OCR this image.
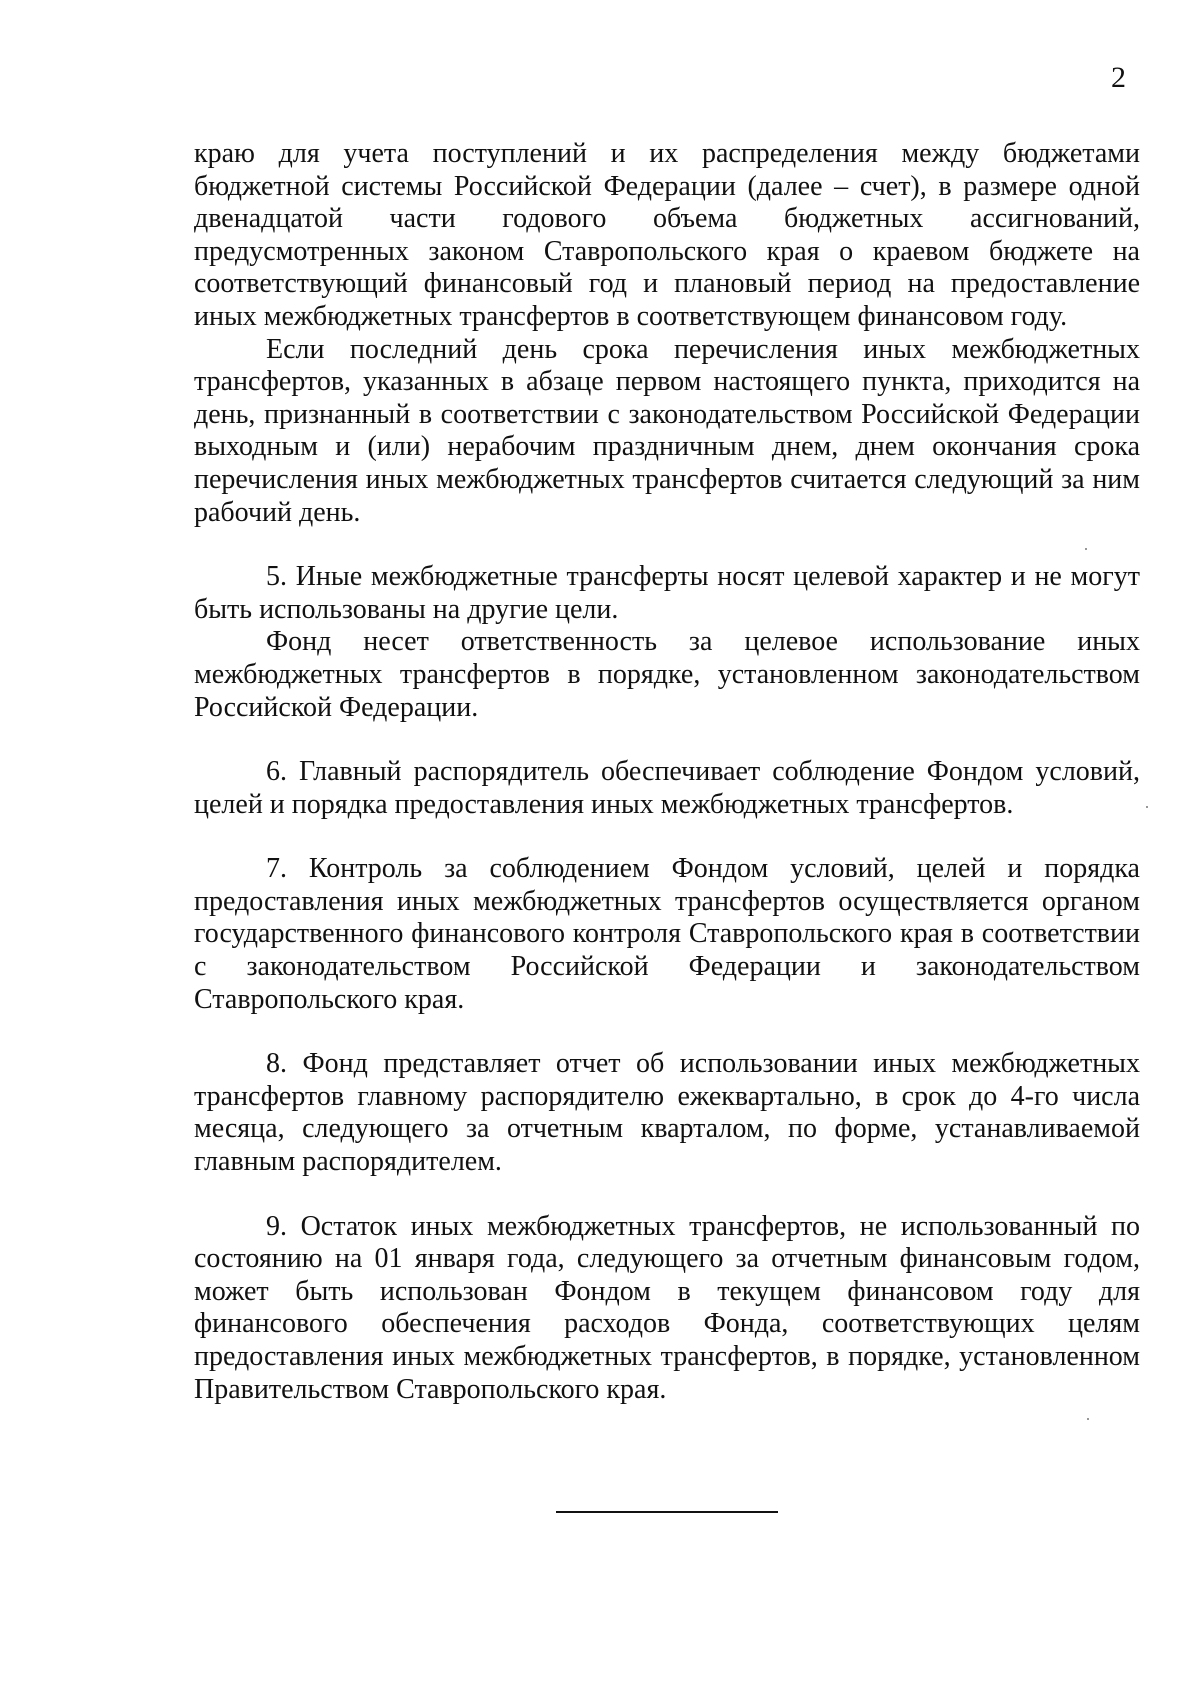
2

краю для учета поступлений и их распределения между бюджетами бюджетной системы Российской Федерации (далее – счет), в размере одной двенадцатой части годового объема бюджетных ассигнований, предусмотренных законом Ставропольского края о краевом бюджете на соответствующий финансовый год и плановый период на предоставление иных межбюджетных трансфертов в соответствующем финансовом году.

Если последний день срока перечисления иных межбюджетных трансфертов, указанных в абзаце первом настоящего пункта, приходится на день, признанный в соответствии с законодательством Российской Федерации выходным и (или) нерабочим праздничным днем, днем окончания срока перечисления иных межбюджетных трансфертов считается следующий за ним рабочий день.

5. Иные межбюджетные трансферты носят целевой характер и не могут быть использованы на другие цели.

Фонд несет ответственность за целевое использование иных межбюджетных трансфертов в порядке, установленном законодательством Российской Федерации.

6. Главный распорядитель обеспечивает соблюдение Фондом условий, целей и порядка предоставления иных межбюджетных трансфертов.

7. Контроль за соблюдением Фондом условий, целей и порядка предоставления иных межбюджетных трансфертов осуществляется органом государственного финансового контроля Ставропольского края в соответствии с законодательством Российской Федерации и законодательством Ставропольского края.

8. Фонд представляет отчет об использовании иных межбюджетных трансфертов главному распорядителю ежеквартально, в срок до 4-го числа месяца, следующего за отчетным кварталом, по форме, устанавливаемой главным распорядителем.

9. Остаток иных межбюджетных трансфертов, не использованный по состоянию на 01 января года, следующего за отчетным финансовым годом, может быть использован Фондом в текущем финансовом году для финансового обеспечения расходов Фонда, соответствующих целям предоставления иных межбюджетных трансфертов, в порядке, установленном Правительством Ставропольского края.
